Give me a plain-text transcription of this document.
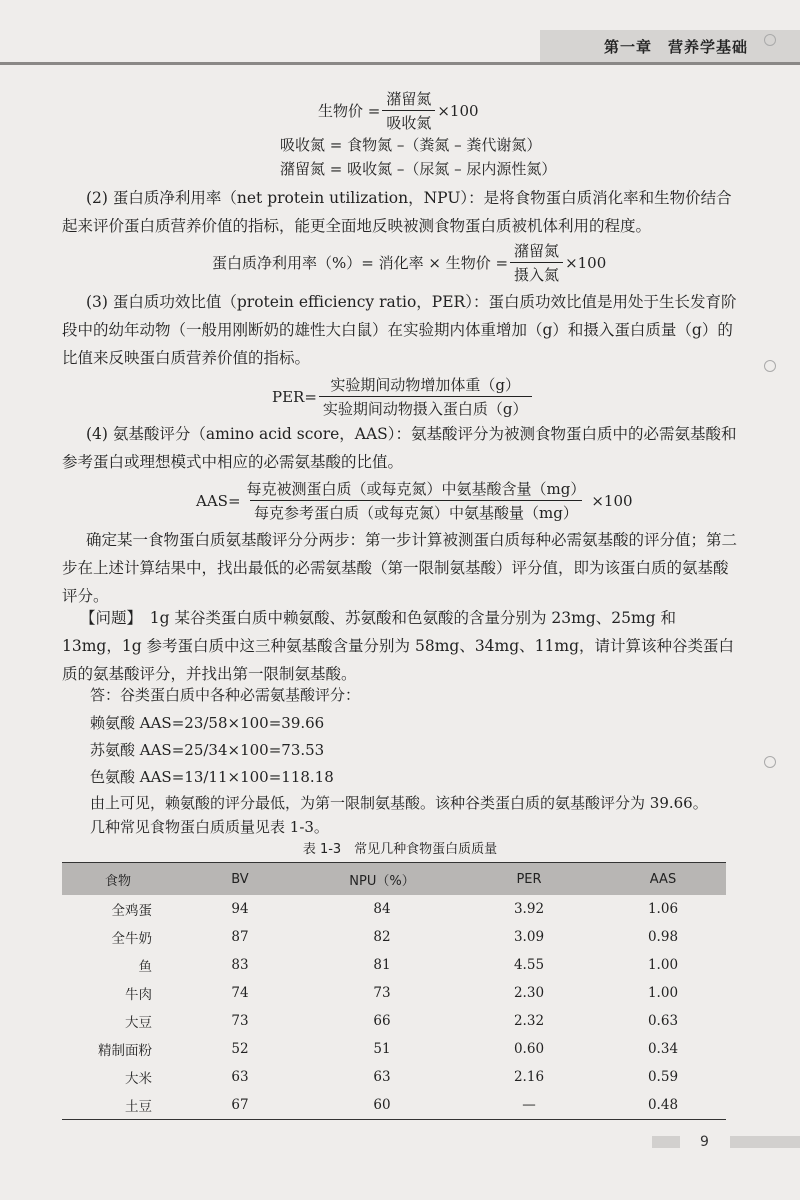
第一章　营养学基础
生物价 = $\frac{\text{潴留氮}}{\text{吸收氮}} \times 100$
吸收氮 = 食物氮 –（粪氮 – 粪代谢氮）
潴留氮 = 吸收氮 –（尿氮 – 尿内源性氮）
(2) 蛋白质净利用率（net protein utilization，NPU）：是将食物蛋白质消化率和生物价结合起来评价蛋白质营养价值的指标，能更全面地反映被测食物蛋白质被机体利用的程度。
蛋白质净利用率（%）= 消化率 × 生物价 = $\frac{\text{潴留氮}}{\text{摄入氮}} \times 100$
(3) 蛋白质功效比值（protein efficiency ratio，PER）：蛋白质功效比值是用处于生长发育阶段中的幼年动物（一般用刚断奶的雄性大白鼠）在实验期内体重增加（g）和摄入蛋白质量（g）的比值来反映蛋白质营养价值的指标。
$PER= \frac{\text{实验期间动物增加体重（g）}}{\text{实验期间动物摄入蛋白质（g）}}$
(4) 氨基酸评分（amino acid score，AAS）：氨基酸评分为被测食物蛋白质中的必需氨基酸和参考蛋白或理想模式中相应的必需氨基酸的比值。
$AAS= \frac{\text{每克被测蛋白质（或每克氮）中氨基酸含量（mg）}}{\text{每克参考蛋白质（或每克氮）中氨基酸量（mg）}} \times 100$
确定某一食物蛋白质氨基酸评分分两步：第一步计算被测蛋白质每种必需氨基酸的评分值；第二步在上述计算结果中，找出最低的必需氨基酸（第一限制氨基酸）评分值，即为该蛋白质的氨基酸评分。
【问题】　1g 某谷类蛋白质中赖氨酸、苏氨酸和色氨酸的含量分别为 23mg、25mg 和 13mg，1g 参考蛋白质中这三种氨基酸含量分别为 58mg、34mg、11mg，请计算该种谷类蛋白质的氨基酸评分，并找出第一限制氨基酸。
答：谷类蛋白质中各种必需氨基酸评分：
赖氨酸 AAS=23/58×100=39.66
苏氨酸 AAS=25/34×100=73.53
色氨酸 AAS=13/11×100=118.18
由上可见，赖氨酸的评分最低，为第一限制氨基酸。该种谷类蛋白质的氨基酸评分为 39.66。
几种常见食物蛋白质质量见表 1-3。
表 1-3　常见几种食物蛋白质质量
食物	BV	NPU（%）	PER	AAS
全鸡蛋	94	84	3.92	1.06
全牛奶	87	82	3.09	0.98
鱼	83	81	4.55	1.00
牛肉	74	73	2.30	1.00
大豆	73	66	2.32	0.63
精制面粉	52	51	0.60	0.34
大米	63	63	2.16	0.59
土豆	67	60	—	0.48
9
